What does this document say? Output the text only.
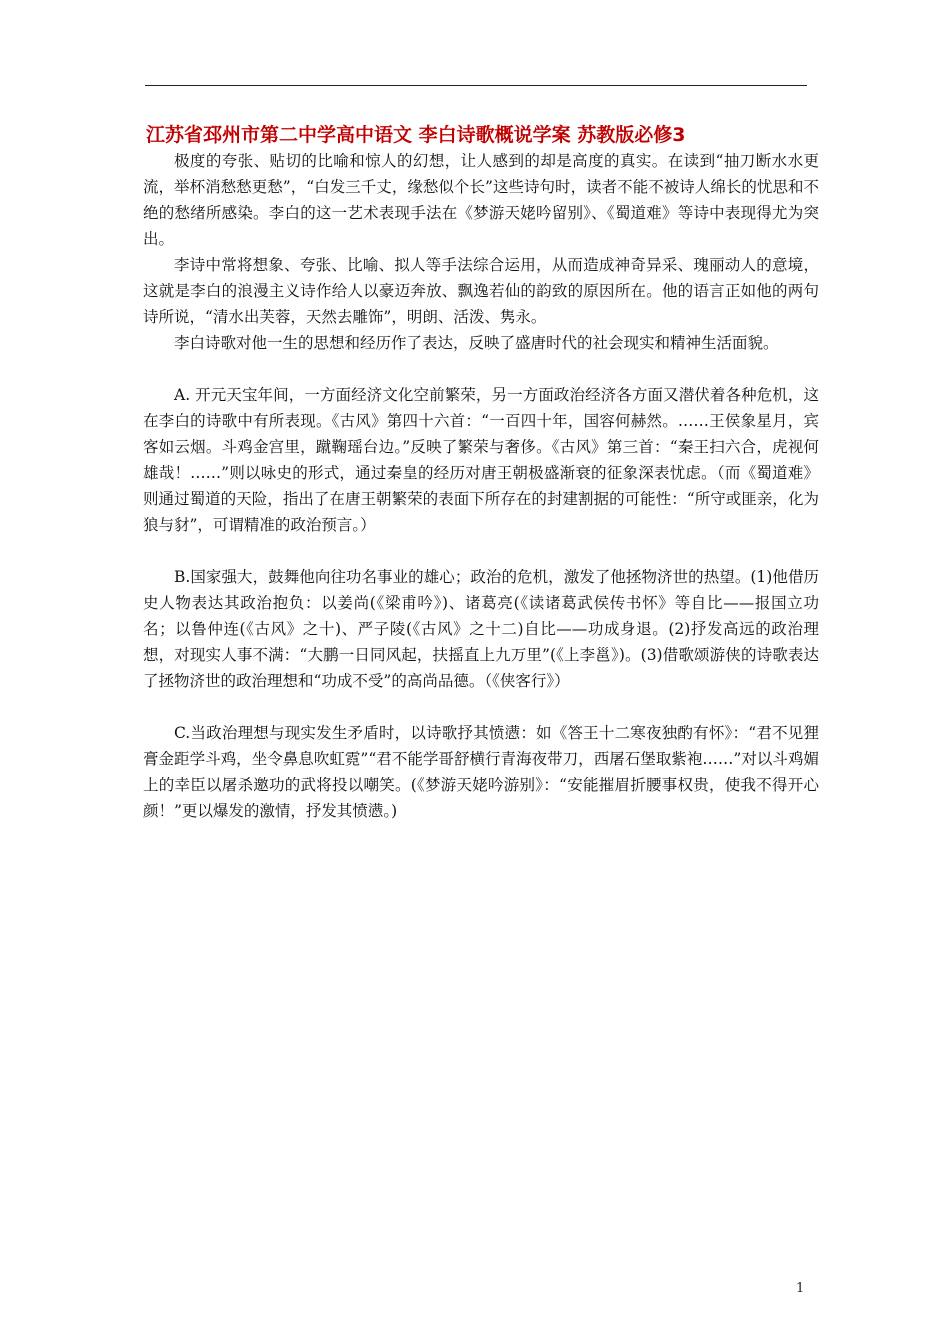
江苏省邳州市第二中学高中语文 李白诗歌概说学案 苏教版必修3

极度的夸张、贴切的比喻和惊人的幻想，让人感到的却是高度的真实。在读到“抽刀断水水更流，举杯消愁愁更愁”，“白发三千丈，缘愁似个长”这些诗句时，读者不能不被诗人绵长的忧思和不绝的愁绪所感染。李白的这一艺术表现手法在《梦游天姥吟留别》、《蜀道难》等诗中表现得尤为突出。

李诗中常将想象、夸张、比喻、拟人等手法综合运用，从而造成神奇异采、瑰丽动人的意境，这就是李白的浪漫主义诗作给人以豪迈奔放、飘逸若仙的韵致的原因所在。他的语言正如他的两句诗所说，“清水出芙蓉，天然去雕饰”，明朗、活泼、隽永。

李白诗歌对他一生的思想和经历作了表达，反映了盛唐时代的社会现实和精神生活面貌。

A. 开元天宝年间，一方面经济文化空前繁荣，另一方面政治经济各方面又潜伏着各种危机，这在李白的诗歌中有所表现。《古风》第四十六首：“一百四十年，国容何赫然。……王侯象星月，宾客如云烟。斗鸡金宫里，蹴鞠瑶台边。”反映了繁荣与奢侈。《古风》第三首：“秦王扫六合，虎视何雄哉！……”则以咏史的形式，通过秦皇的经历对唐王朝极盛渐衰的征象深表忧虑。（而《蜀道难》则通过蜀道的天险，指出了在唐王朝繁荣的表面下所存在的封建割据的可能性：“所守或匪亲，化为狼与豺”，可谓精准的政治预言。）

B.国家强大，鼓舞他向往功名事业的雄心；政治的危机，激发了他拯物济世的热望。(1)他借历史人物表达其政治抱负：以姜尚(《梁甫吟》)、诸葛亮(《读诸葛武侯传书怀》等自比——报国立功名；以鲁仲连(《古风》之十)、严子陵(《古风》之十二)自比——功成身退。(2)抒发高远的政治理想，对现实人事不满：“大鹏一日同风起，扶摇直上九万里”(《上李邕》)。(3)借歌颂游侠的诗歌表达了拯物济世的政治理想和“功成不受”的高尚品德。（《侠客行》）

C.当政治理想与现实发生矛盾时，以诗歌抒其愤懑：如《答王十二寒夜独酌有怀》：“君不见狸膏金距学斗鸡，坐令鼻息吹虹霓”“君不能学哥舒横行青海夜带刀，西屠石堡取紫袍……”对以斗鸡媚上的幸臣以屠杀邀功的武将投以嘲笑。(《梦游天姥吟游别》：“安能摧眉折腰事权贵，使我不得开心颜！”更以爆发的激情，抒发其愤懑。)

1
